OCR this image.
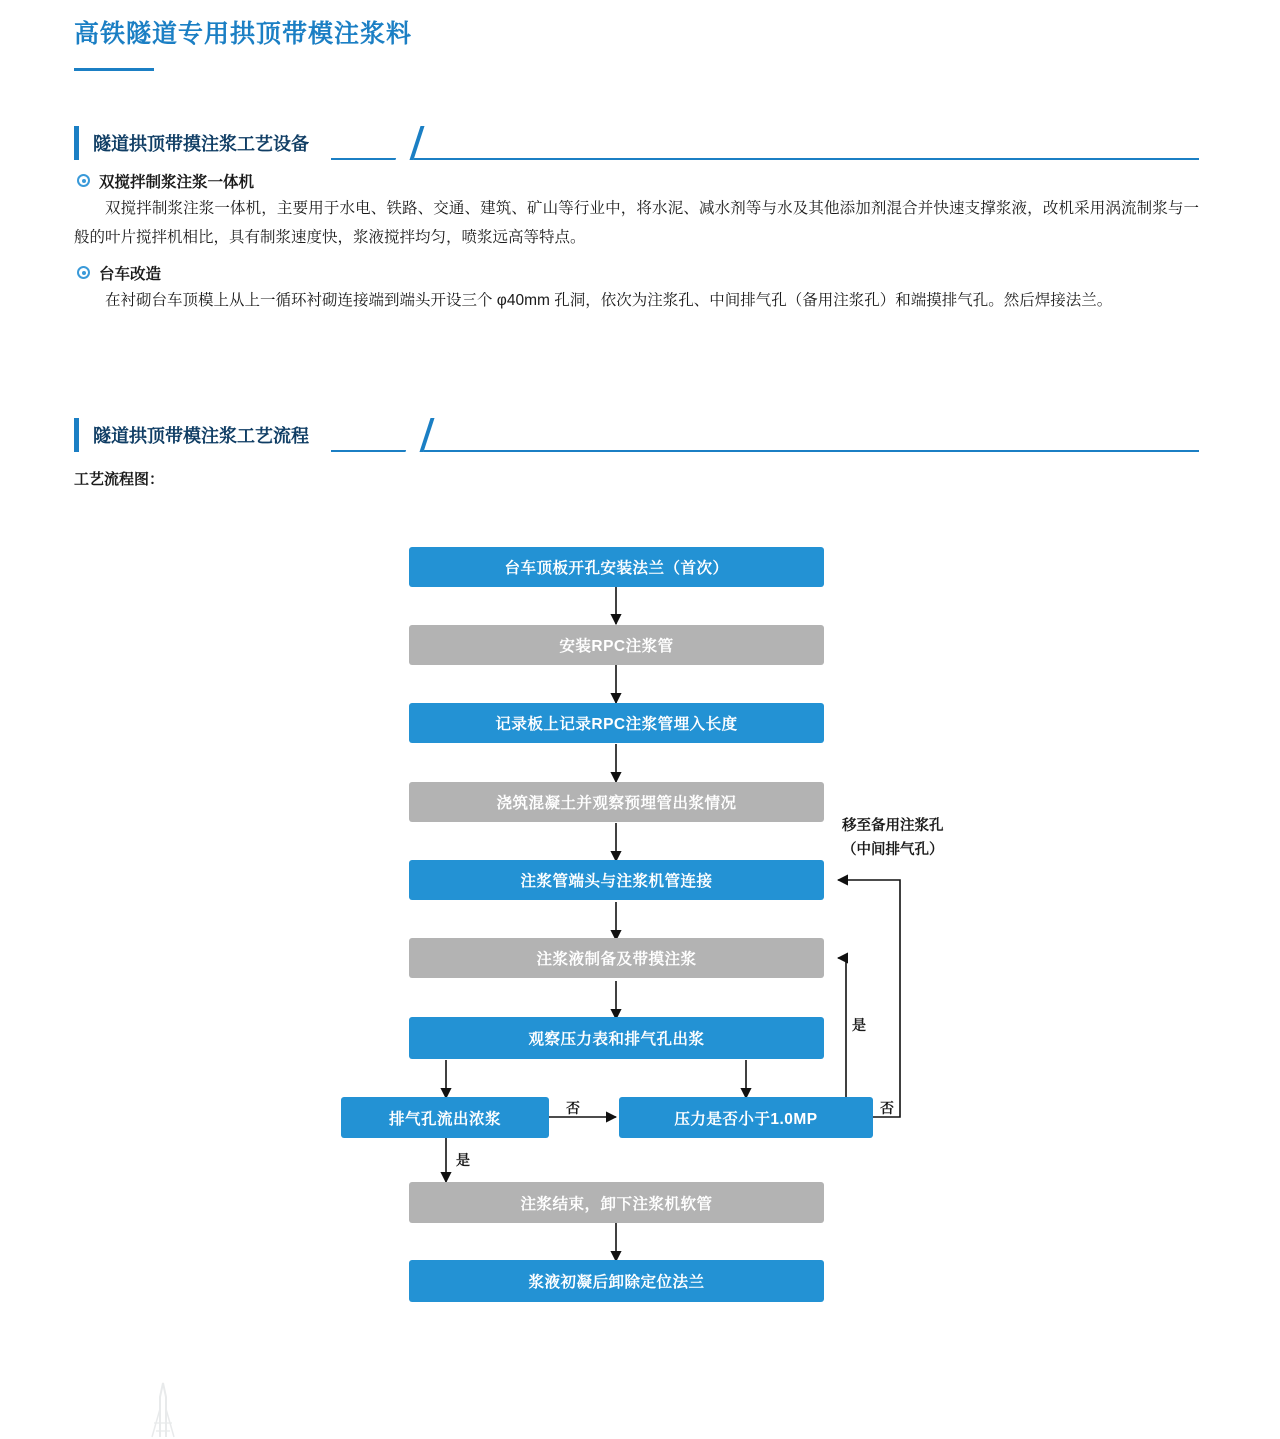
高铁隧道专用拱顶带模注浆料
隧道拱顶带摸注浆工艺设备
双搅拌制浆注浆一体机

双搅拌制浆注浆一体机，主要用于水电、铁路、交通、建筑、矿山等行业中，将水泥、减水剂等与水及其他添加剂混合并快速支撑浆液，改机采用涡流制浆与一般的叶片搅拌机相比，具有制浆速度快，浆液搅拌均匀，喷浆远高等特点。

台车改造

在衬砌台车顶模上从上一循环衬砌连接端到端头开设三个 φ40mm 孔洞，依次为注浆孔、中间排气孔（备用注浆孔）和端摸排气孔。然后焊接法兰。

隧道拱顶带模注浆工艺流程
工艺流程图：
台车顶板开孔安装法兰（首次）
安装RPC注浆管
记录板上记录RPC注浆管埋入长度
浇筑混凝土并观察预埋管出浆情况
注浆管端头与注浆机管连接
注浆液制备及带摸注浆
观察压力表和排气孔出浆
排气孔流出浓浆	压力是否小于1.0MP
注浆结束，卸下注浆机软管
浆液初凝后卸除定位法兰
移至备用注浆孔
（中间排气孔）
否
是
是
否
